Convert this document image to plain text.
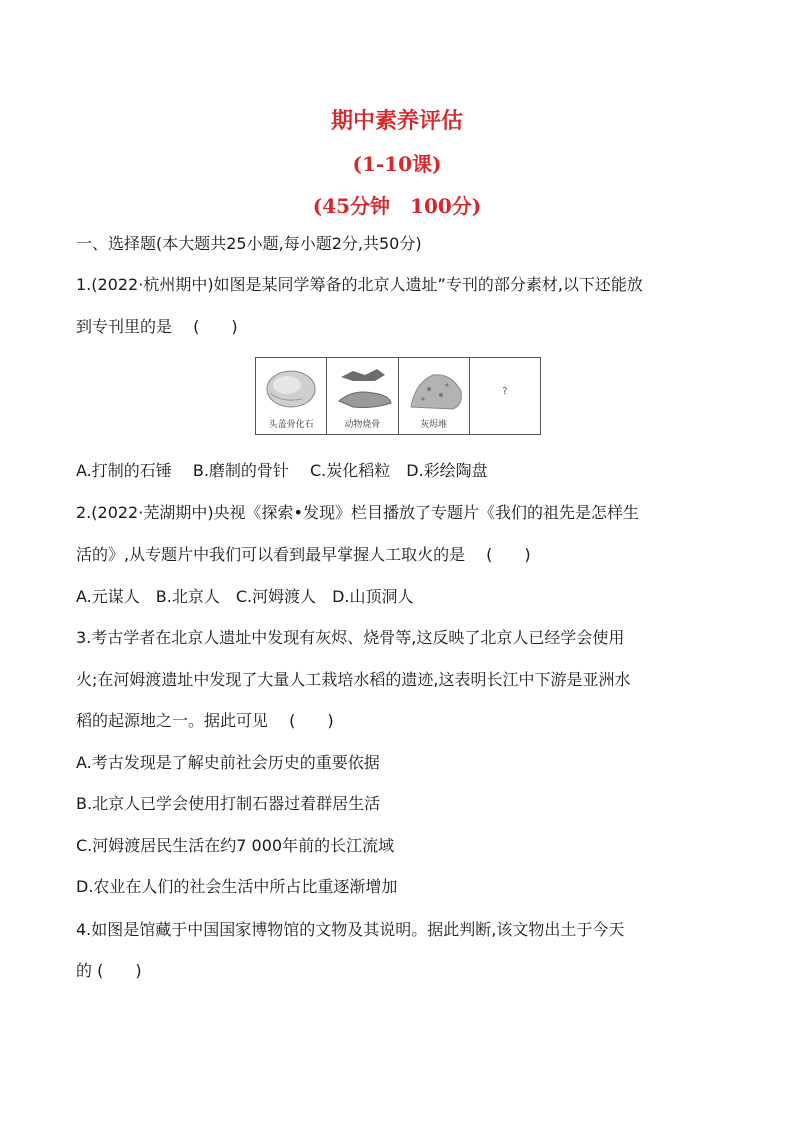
期中素养评估
(1-10课)
(45分钟　100分)
一、选择题(本大题共25小题,每小题2分,共50分)
1.(2022·杭州期中)如图是某同学筹备的北京人遗址”专刊的部分素材,以下还能放
到专刊里的是　 (　　)
头盖骨化石	动物烧骨	灰烬堆
?
A.打制的石锤　 B.磨制的骨针　 C.炭化稻粒　D.彩绘陶盘
2.(2022·芜湖期中)央视《探索•发现》栏目播放了专题片《我们的祖先是怎样生
活的》,从专题片中我们可以看到最早掌握人工取火的是　 (　　)
A.元谋人　B.北京人　C.河姆渡人　D.山顶洞人
3.考古学者在北京人遗址中发现有灰烬、烧骨等,这反映了北京人已经学会使用
火;在河姆渡遗址中发现了大量人工栽培水稻的遗迹,这表明长江中下游是亚洲水
稻的起源地之一。据此可见　 (　　)
A.考古发现是了解史前社会历史的重要依据
B.北京人已学会使用打制石器过着群居生活
C.河姆渡居民生活在约7 000年前的长江流域
D.农业在人们的社会生活中所占比重逐渐增加
4.如图是馆藏于中国国家博物馆的文物及其说明。据此判断,该文物出土于今天
的 (　　)
